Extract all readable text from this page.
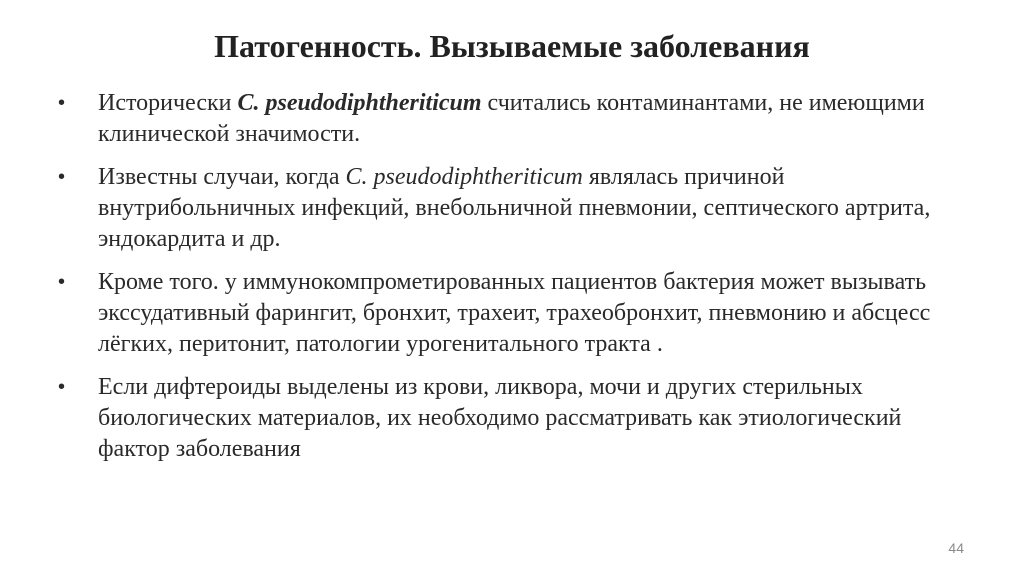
Патогенность. Вызываемые заболевания
•	Исторически C. pseudodiphtheriticum считались контаминантами, не имеющими клинической значимости.
•	Известны случаи, когда C. pseudodiphtheriticum являлась причиной внутрибольничных инфекций, внебольничной пневмонии, септического артрита, эндокардита и др.
•	Кроме того. у иммунокомпрометированных пациентов бактерия может вызывать экссудативный фарингит, бронхит, трахеит, трахеобронхит, пневмонию и абсцесс лёгких, перитонит, патологии урогенитального тракта .
•	Если дифтероиды выделены из крови, ликвора, мочи и других стерильных биологических материалов, их необходимо рассматривать как этиологический фактор заболевания
44
